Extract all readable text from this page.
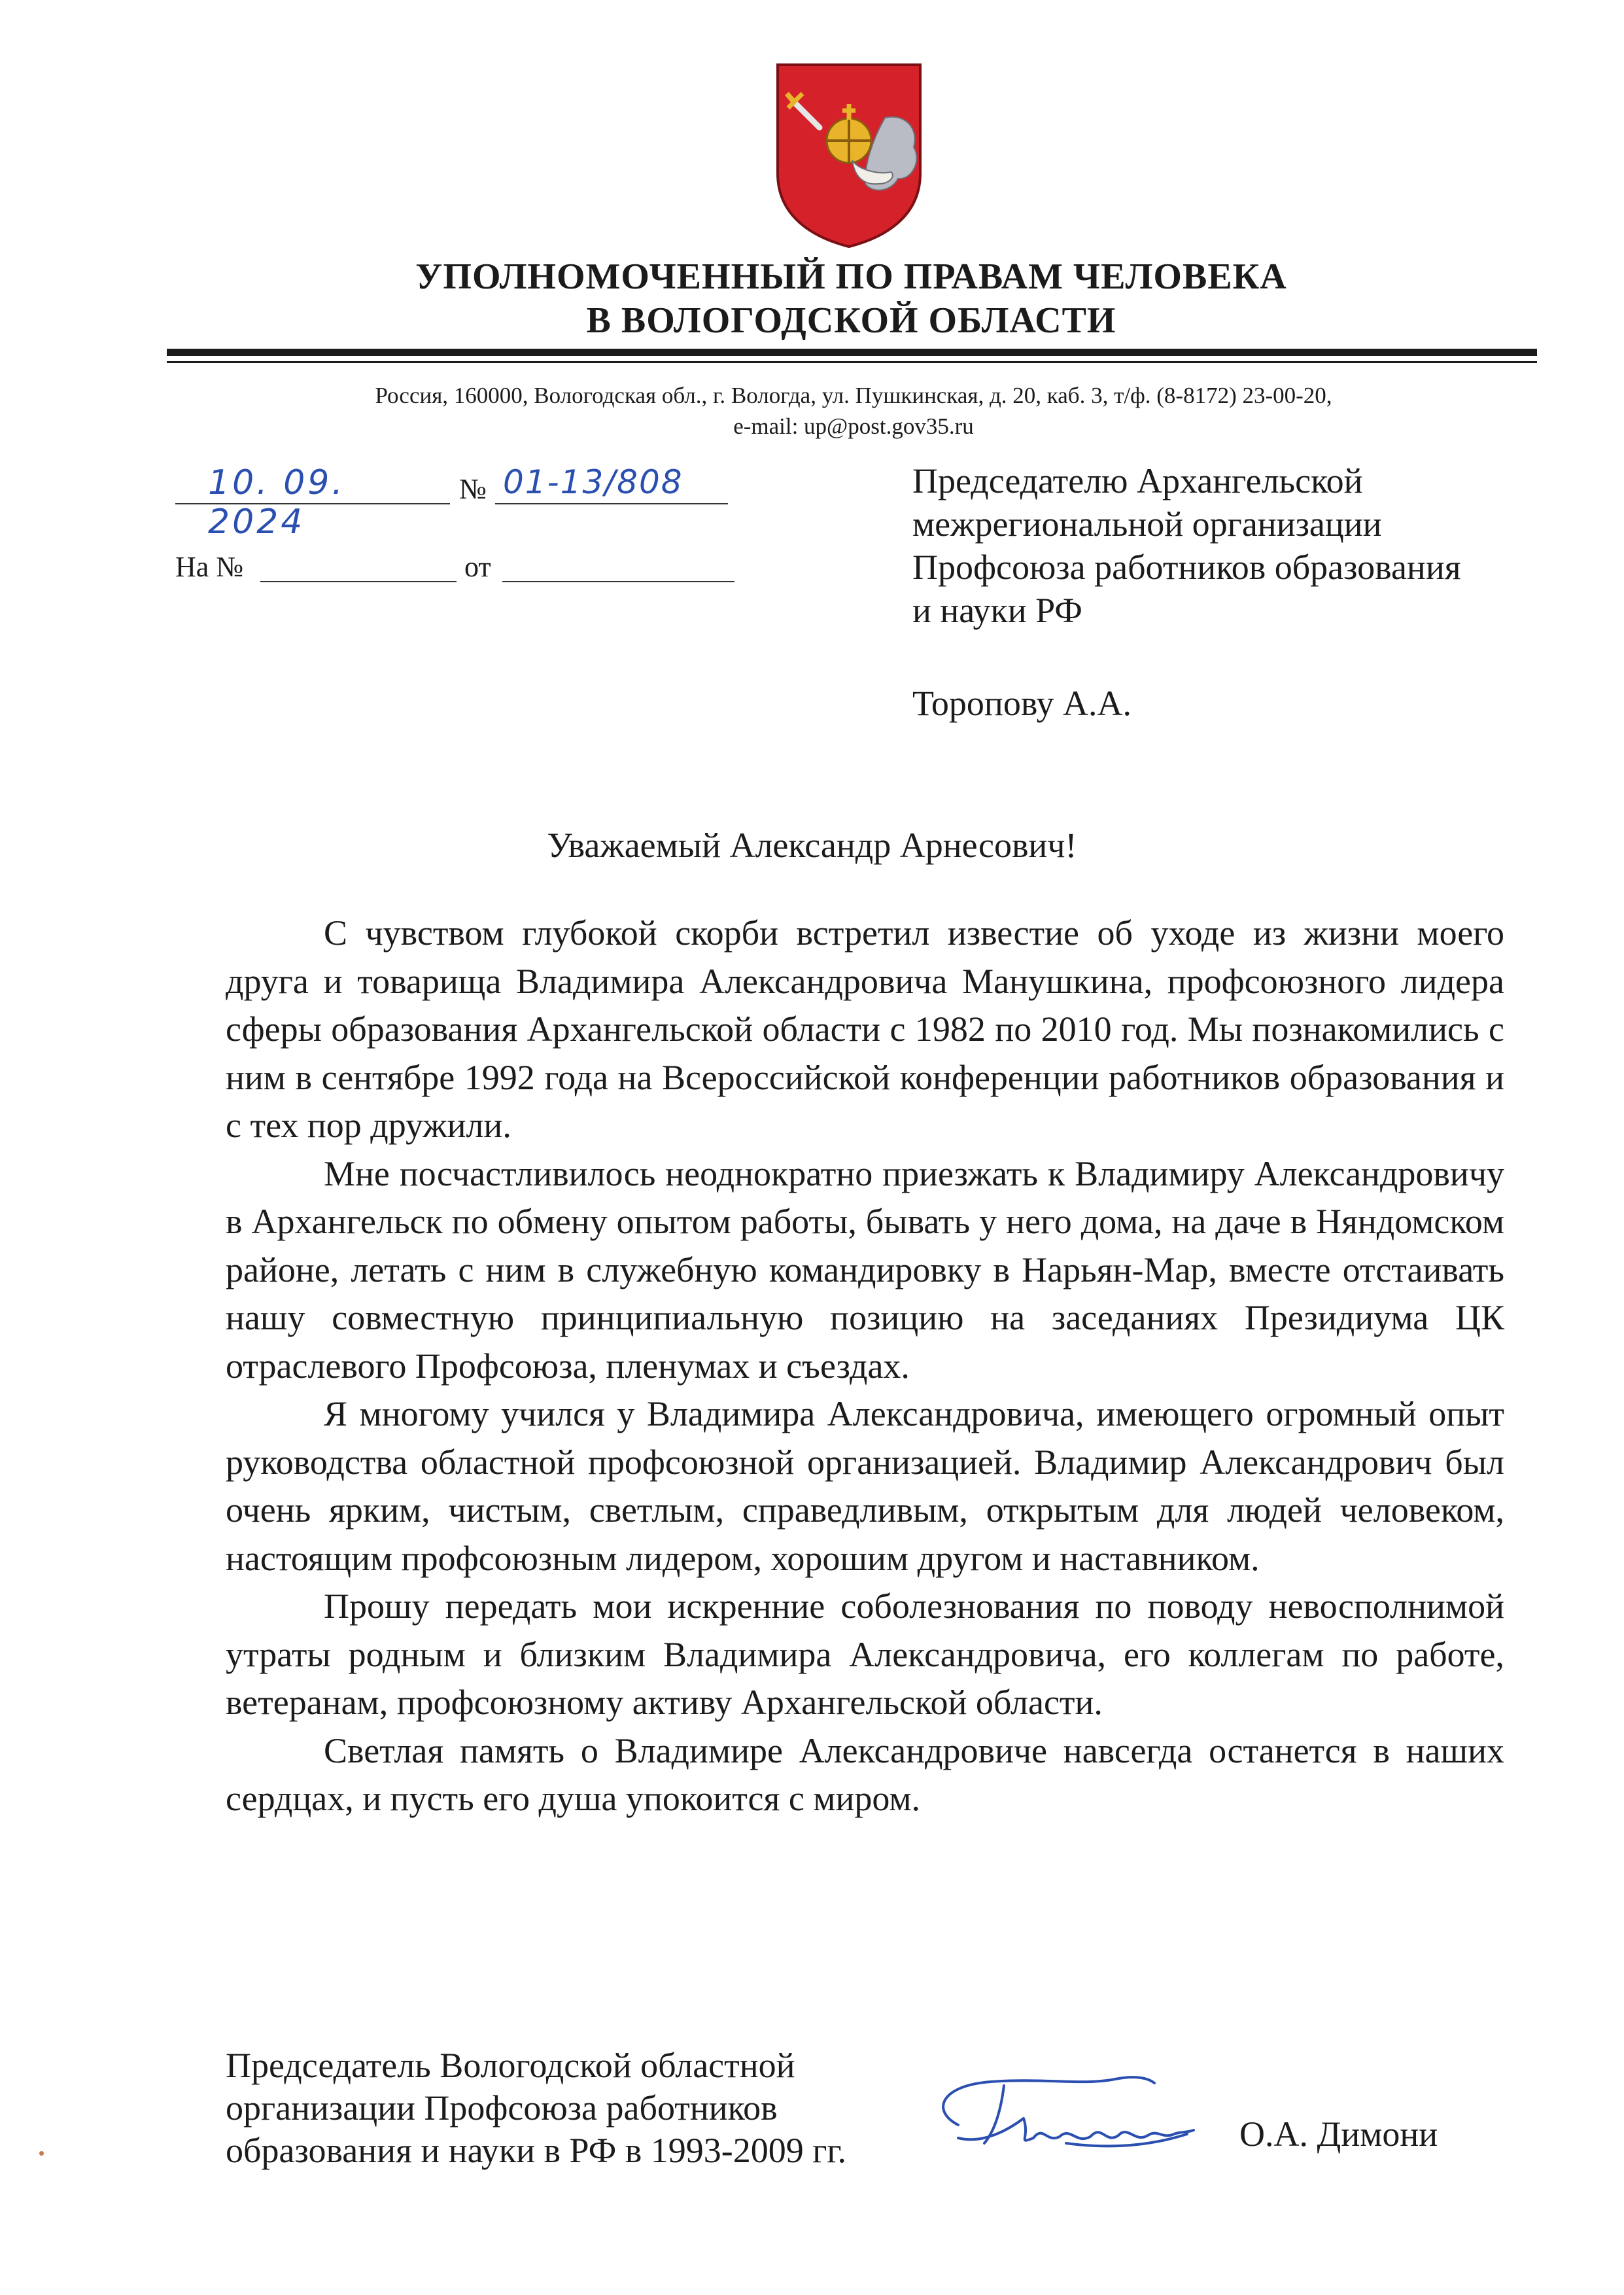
УПОЛНОМОЧЕННЫЙ ПО ПРАВАМ ЧЕЛОВЕКА
В ВОЛОГОДСКОЙ ОБЛАСТИ
Россия, 160000, Вологодская обл., г. Вологда, ул. Пушкинская, д. 20, каб. 3, т/ф. (8-8172) 23-00-20,
e-mail: up@post.gov35.ru
10. 09. 2024
№ 01-13/808
На №	от
Председателю Архангельской
межрегиональной организации
Профсоюза работников образования
и науки РФ
Торопову А.А.
Уважаемый Александр Арнесович!

С чувством глубокой скорби встретил известие об уходе из жизни моего друга и товарища Владимира Александровича Манушкина, профсоюзного лидера сферы образования Архангельской области с 1982 по 2010 год. Мы познакомились с ним в сентябре 1992 года на Всероссийской конференции работников образования и с тех пор дружили.

Мне посчастливилось неоднократно приезжать к Владимиру Александровичу в Архангельск по обмену опытом работы, бывать у него дома, на даче в Няндомском районе, летать с ним в служебную командировку в Нарьян-Мар, вместе отстаивать нашу совместную принципиальную позицию на заседаниях Президиума ЦК отраслевого Профсоюза, пленумах и съездах.

Я многому учился у Владимира Александровича, имеющего огромный опыт руководства областной профсоюзной организацией. Владимир Александрович был очень ярким, чистым, светлым, справедливым, открытым для людей человеком, настоящим профсоюзным лидером, хорошим другом и наставником.

Прошу передать мои искренние соболезнования по поводу невосполнимой утраты родным и близким Владимира Александровича, его коллегам по работе, ветеранам, профсоюзному активу Архангельской области.

Светлая память о Владимире Александровиче навсегда останется в наших сердцах, и пусть его душа упокоится с миром.

Председатель Вологодской областной
организации Профсоюза работников
образования и науки в РФ в 1993-2009 гг.	О.А. Димони
